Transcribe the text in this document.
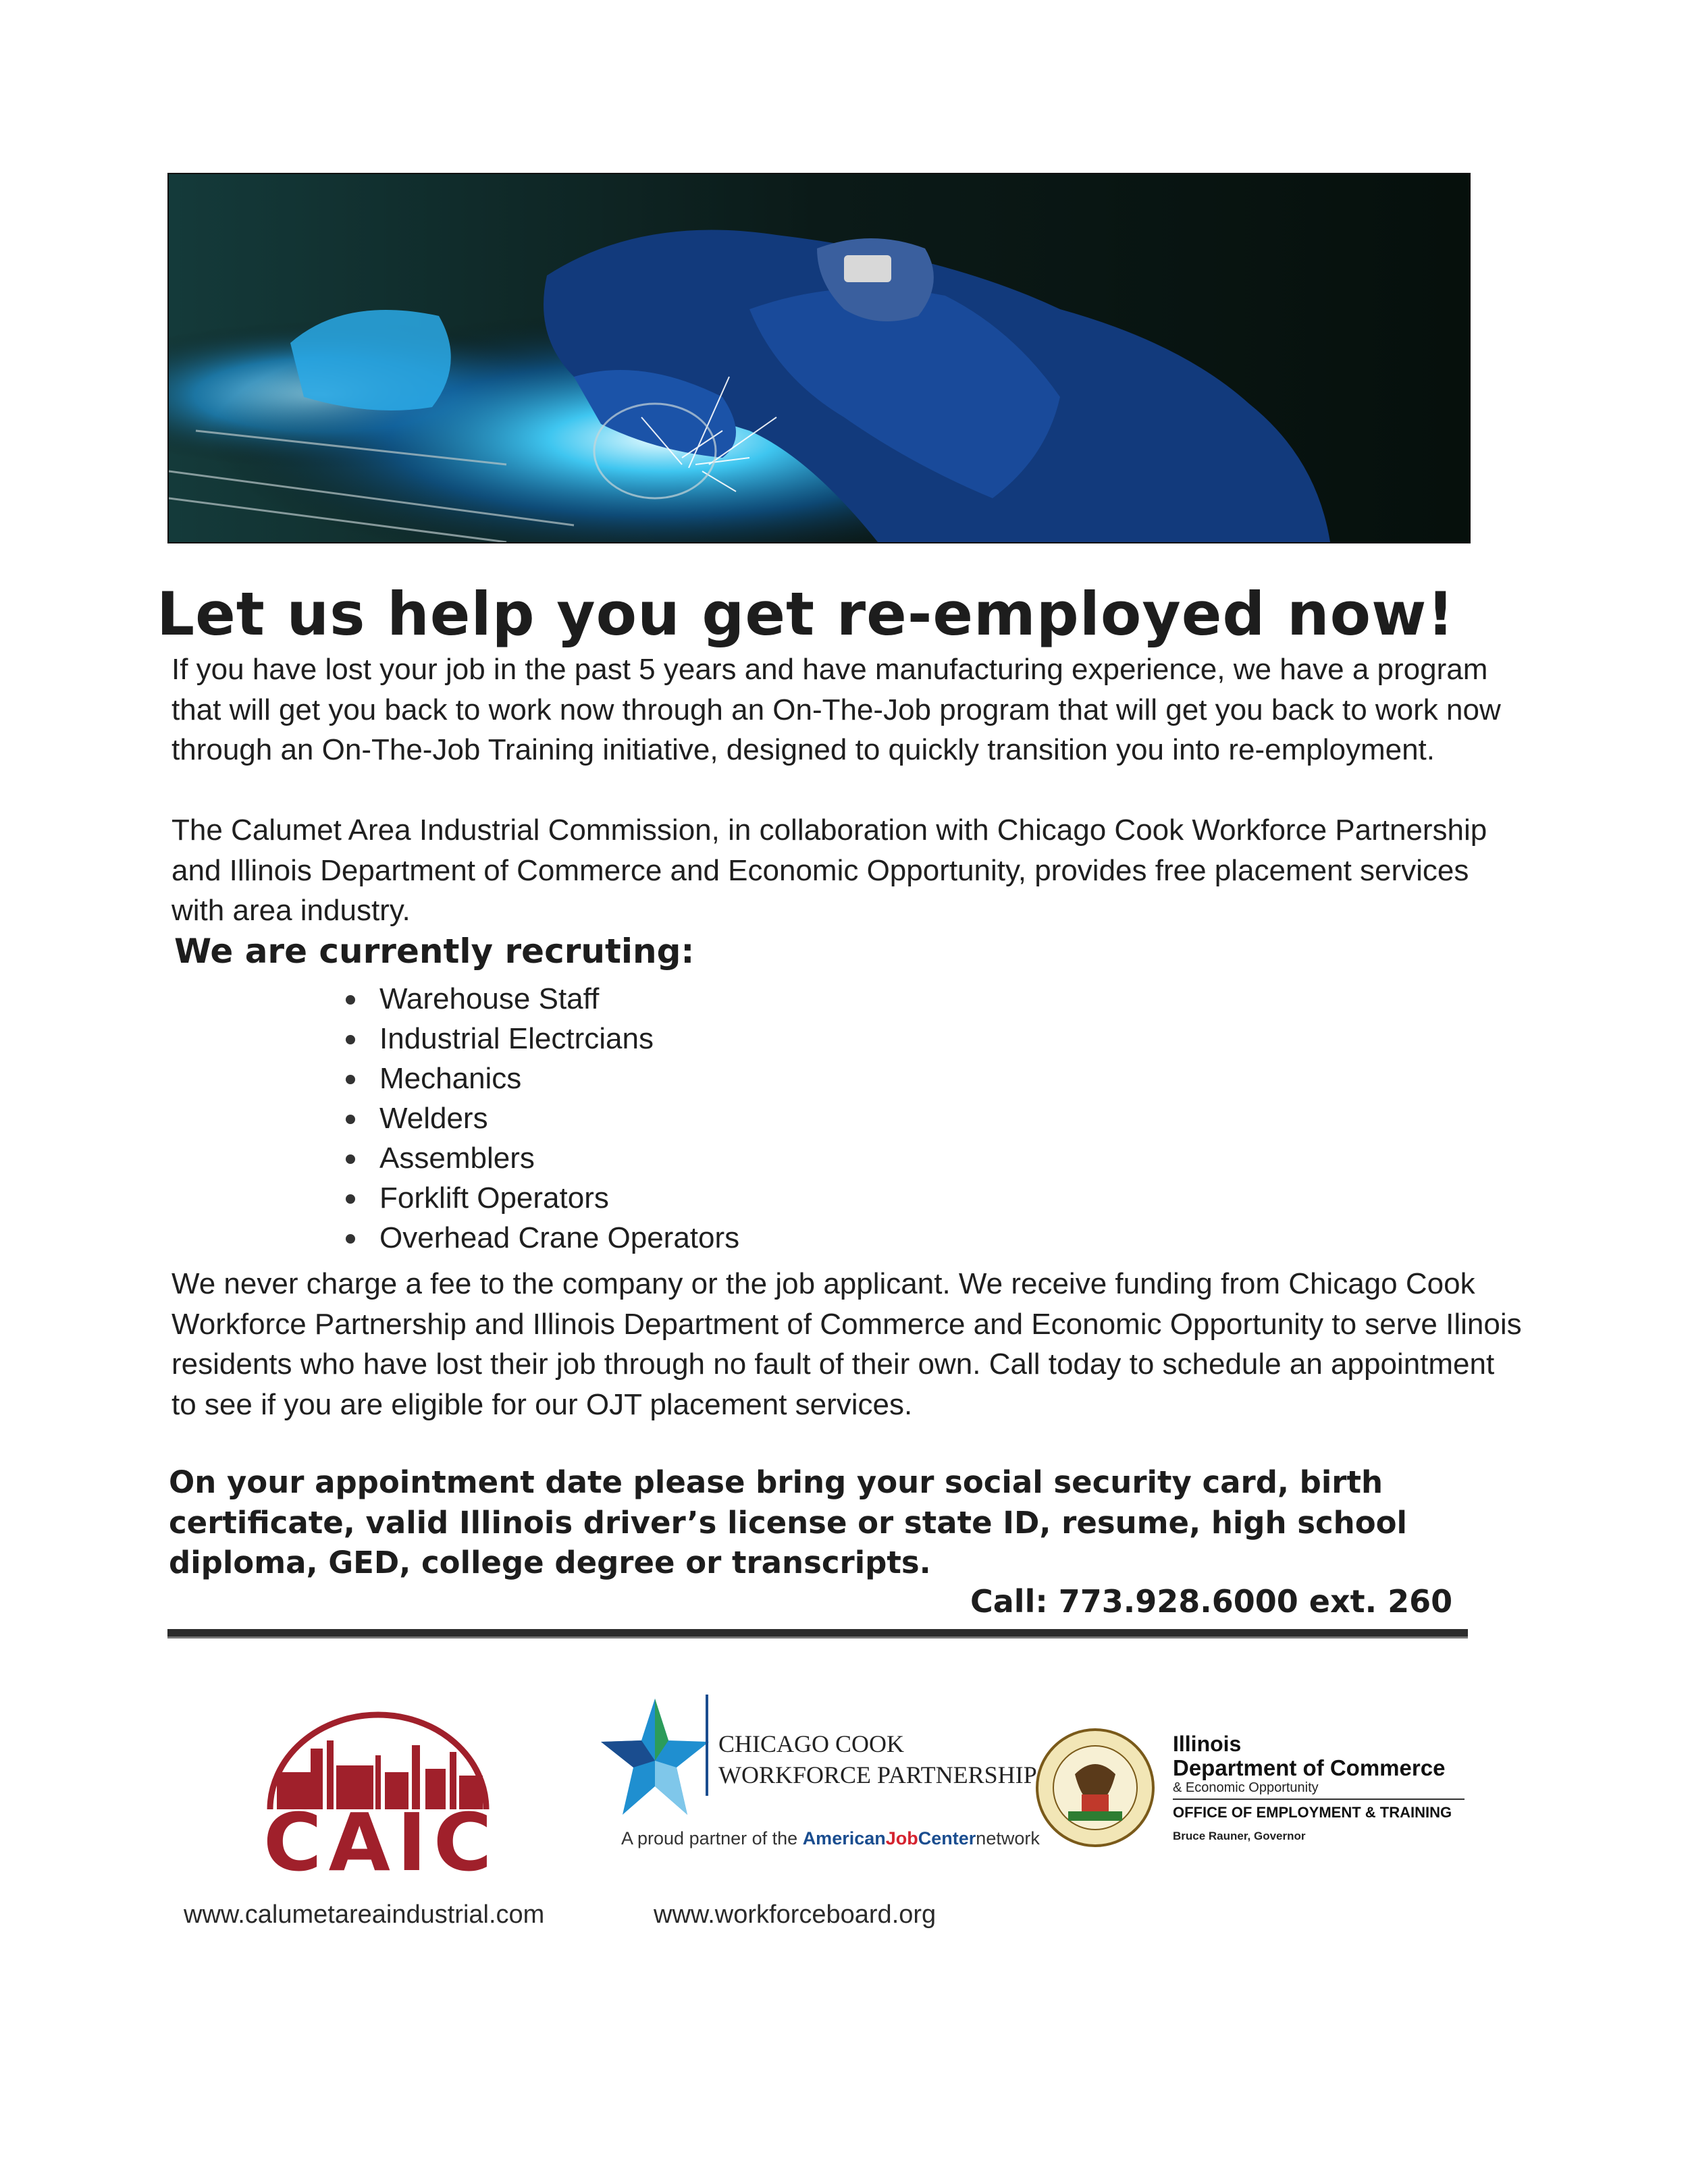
Let us help you get re-employed now!

If you have lost your job in the past 5 years and have manufacturing experience, we have a program that will get you back to work now through an On-The-Job program that will get you back to work now through an On-The-Job Training initiative, designed to quickly transition you into re-employment.

The Calumet Area Industrial Commission, in collaboration with Chicago Cook Workforce Partnership and Illinois Department of Commerce and Economic Opportunity, provides free placement services with area industry.

We are currently recruting:
Warehouse Staff
Industrial Electrcians
Mechanics
Welders
Assemblers
Forklift Operators
Overhead Crane Operators

We never charge a fee to the company or the job applicant. We receive funding from Chicago Cook Workforce Partnership and Illinois Department of Commerce and Economic Opportunity to serve Ilinois residents who have lost their job through no fault of their own. Call today to schedule an appointment to see if you are eligible for our OJT placement services.

On your appointment date please bring your social security card, birth certificate, valid Illinois driver’s license or state ID, resume, high school diploma, GED, college degree or transcripts.

Call: 773.928.6000 ext. 260
CAIC
CHICAGO COOK
WORKFORCE PARTNERSHIP
A proud partner of the AmericanJobCenternetwork
Illinois
Department of Commerce
& Economic Opportunity
OFFICE OF EMPLOYMENT & TRAINING
Bruce Rauner, Governor
www.calumetareaindustrial.com	www.workforceboard.org
